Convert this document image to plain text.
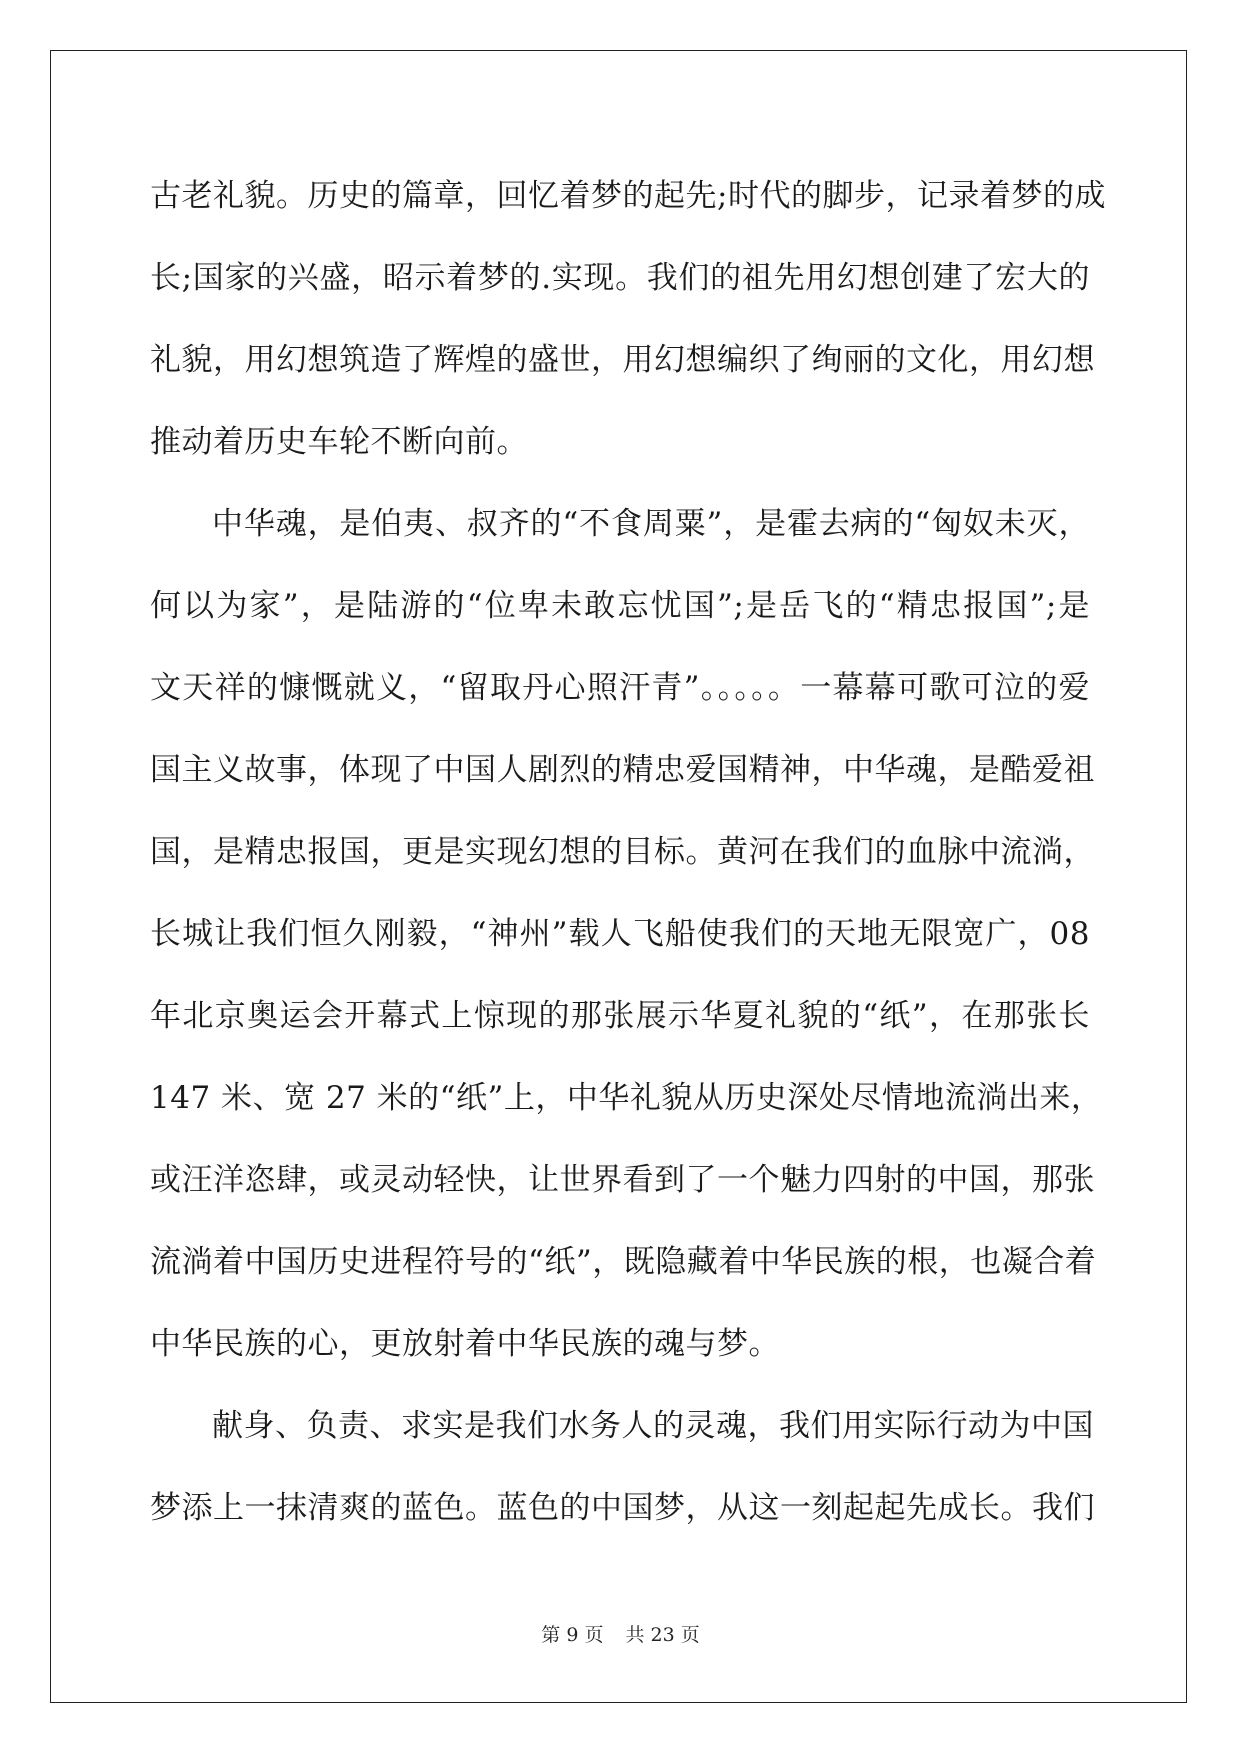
古老礼貌。历史的篇章，回忆着梦的起先;时代的脚步，记录着梦的成
长;国家的兴盛，昭示着梦的.实现。我们的祖先用幻想创建了宏大的
礼貌，用幻想筑造了辉煌的盛世，用幻想编织了绚丽的文化，用幻想
推动着历史车轮不断向前。
中华魂，是伯夷、叔齐的“不食周粟”，是霍去病的“匈奴未灭，
何以为家”，是陆游的“位卑未敢忘忧国”;是岳飞的“精忠报国”;是
文天祥的慷慨就义，“留取丹心照汗青”。。。。。一幕幕可歌可泣的爱
国主义故事，体现了中国人剧烈的精忠爱国精神，中华魂，是酷爱祖
国，是精忠报国，更是实现幻想的目标。黄河在我们的血脉中流淌，
长城让我们恒久刚毅，“神州”载人飞船使我们的天地无限宽广，08
年北京奥运会开幕式上惊现的那张展示华夏礼貌的“纸”，在那张长
147 米、宽 27 米的“纸”上，中华礼貌从历史深处尽情地流淌出来，
或汪洋恣肆，或灵动轻快，让世界看到了一个魅力四射的中国，那张
流淌着中国历史进程符号的“纸”，既隐藏着中华民族的根，也凝合着
中华民族的心，更放射着中华民族的魂与梦。
献身、负责、求实是我们水务人的灵魂，我们用实际行动为中国
梦添上一抹清爽的蓝色。蓝色的中国梦，从这一刻起起先成长。我们
第 9 页 共 23 页
